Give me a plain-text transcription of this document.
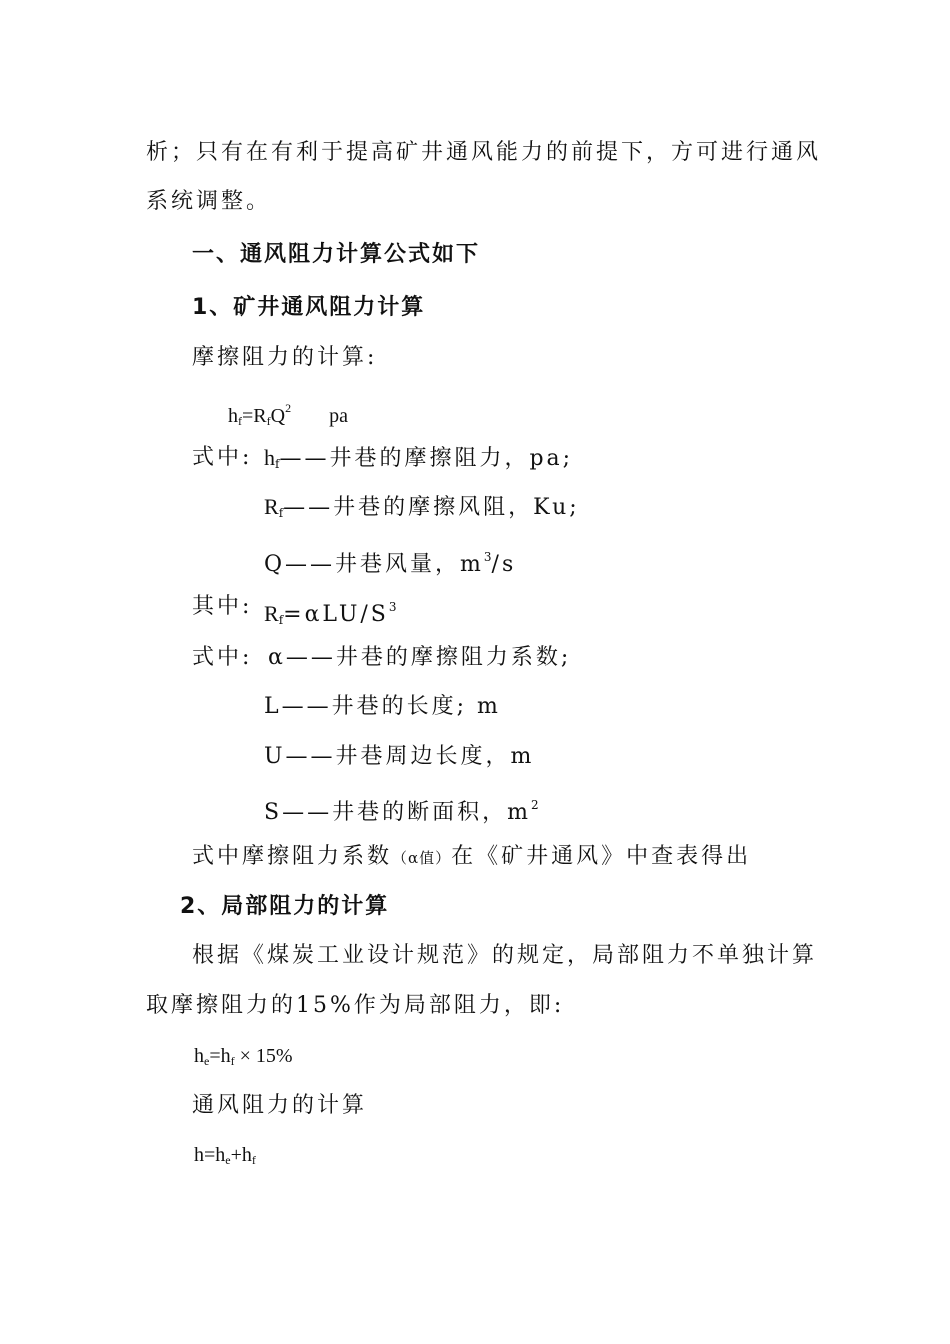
析；只有在有利于提高矿井通风能力的前提下，方可进行通风
系统调整。
一、通风阻力计算公式如下
1、矿井通风阻力计算
摩擦阻力的计算:
$h_f=R_fQ^2$ pa
式中: $h_f——$井巷的摩擦阻力，pa;
$R_f——$井巷的摩擦风阻，Ku;
Q——井巷风量，$m^3/s$
其中: $R_f=\alpha LU/S^3$
式中: α——井巷的摩擦阻力系数;
L——井巷的长度; m
U——井巷周边长度，m
S——井巷的断面积，$m^2$
式中摩擦阻力系数（α值）在《矿井通风》中查表得出
2、局部阻力的计算
根据《煤炭工业设计规范》的规定，局部阻力不单独计算
取摩擦阻力的15%作为局部阻力，即:
$h_e=h_f \times 15\%$
通风阻力的计算
$h=h_e+h_f$
